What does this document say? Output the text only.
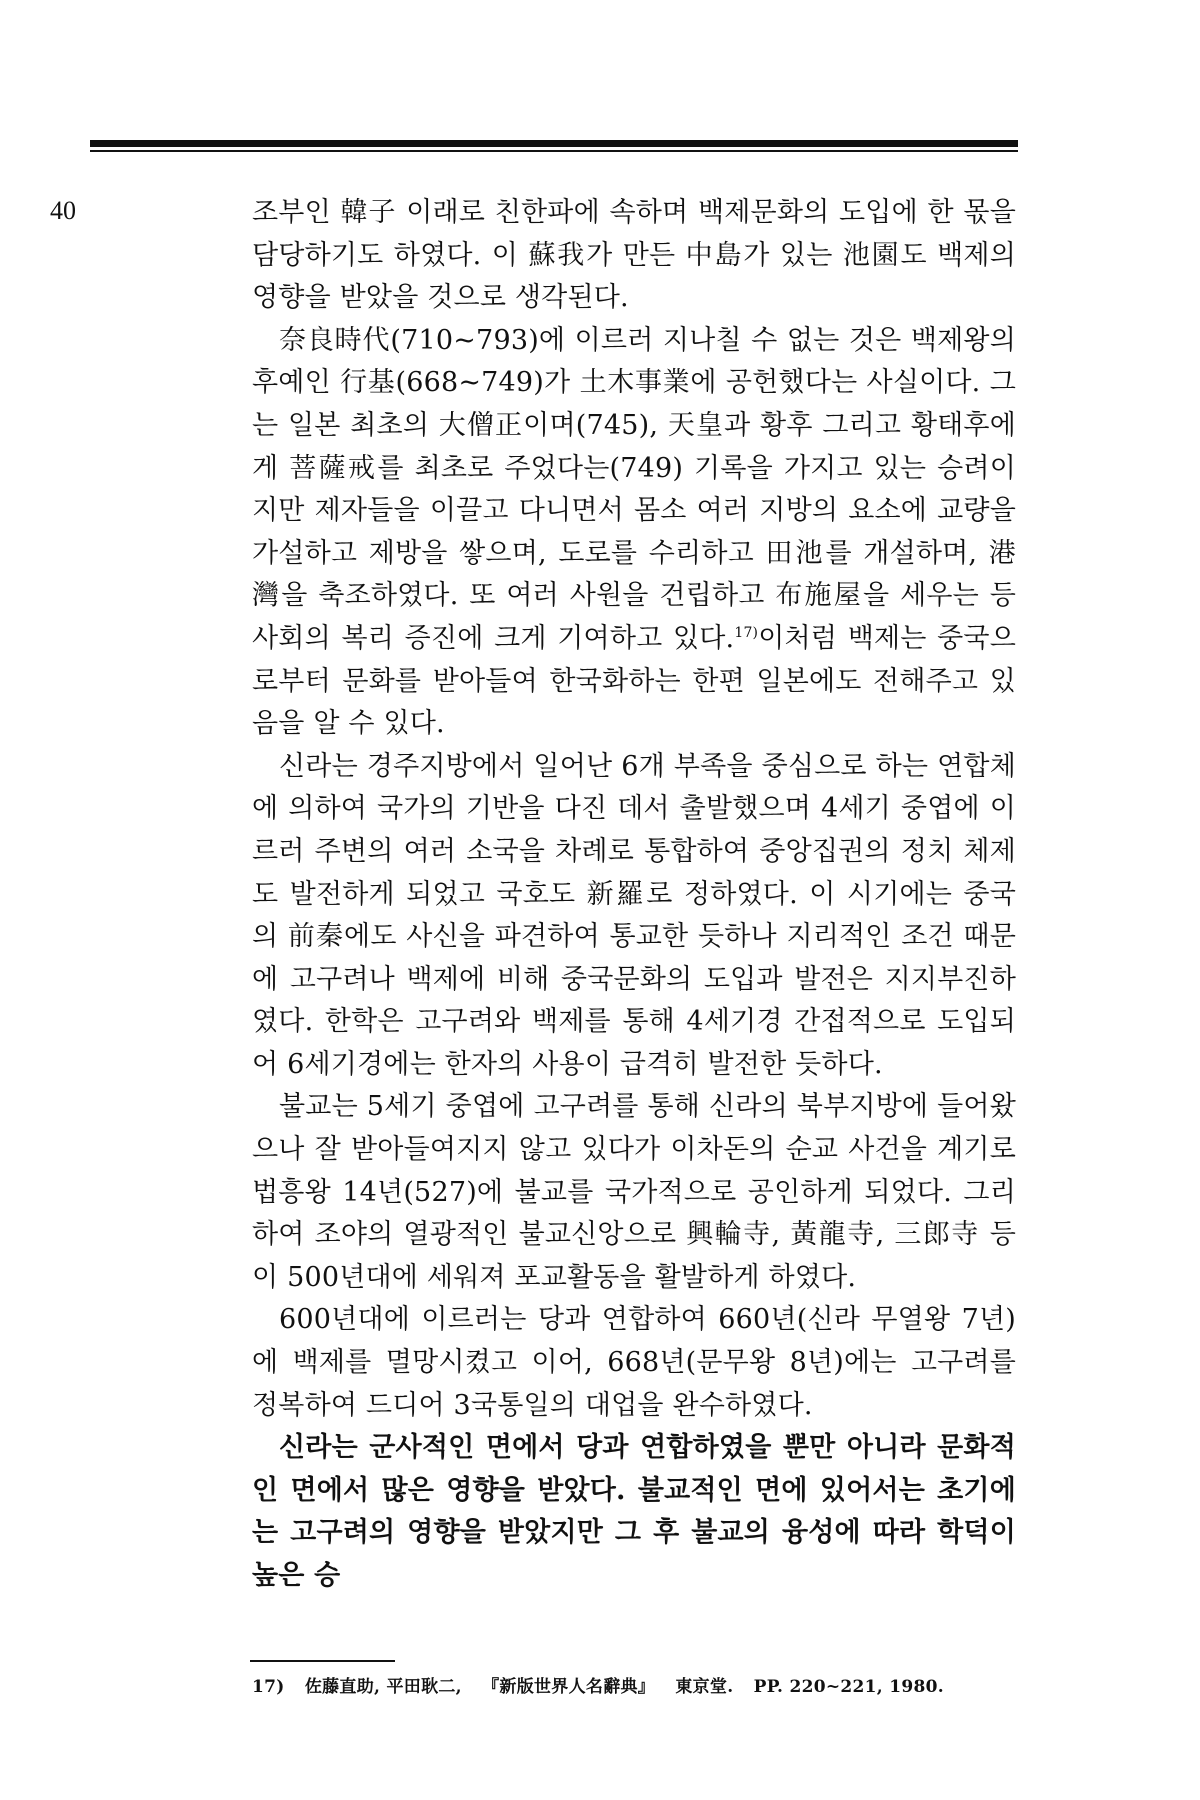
40	조부인 韓子 이래로 친한파에 속하며 백제문화의 도입에 한 몫을 담당하기도 하였다. 이 蘇我가 만든 中島가 있는 池園도 백제의 영향을 받았을 것으로 생각된다.

奈良時代(710~793)에 이르러 지나칠 수 없는 것은 백제왕의 후예인 行基(668~749)가 土木事業에 공헌했다는 사실이다. 그는 일본 최초의 大僧正이며(745), 天皇과 황후 그리고 황태후에게 菩薩戒를 최초로 주었다는(749) 기록을 가지고 있는 승려이지만 제자들을 이끌고 다니면서 몸소 여러 지방의 요소에 교량을 가설하고 제방을 쌓으며, 도로를 수리하고 田池를 개설하며, 港灣을 축조하였다. 또 여러 사원을 건립하고 布施屋을 세우는 등 사회의 복리 증진에 크게 기여하고 있다.$^{17)}$이처럼 백제는 중국으로부터 문화를 받아들여 한국화하는 한편 일본에도 전해주고 있음을 알 수 있다.

신라는 경주지방에서 일어난 6개 부족을 중심으로 하는 연합체에 의하여 국가의 기반을 다진 데서 출발했으며 4세기 중엽에 이르러 주변의 여러 소국을 차례로 통합하여 중앙집권의 정치 체제도 발전하게 되었고 국호도 新羅로 정하였다. 이 시기에는 중국의 前秦에도 사신을 파견하여 통교한 듯하나 지리적인 조건 때문에 고구려나 백제에 비해 중국문화의 도입과 발전은 지지부진하였다. 한학은 고구려와 백제를 통해 4세기경 간접적으로 도입되어 6세기경에는 한자의 사용이 급격히 발전한 듯하다.

불교는 5세기 중엽에 고구려를 통해 신라의 북부지방에 들어왔으나 잘 받아들여지지 않고 있다가 이차돈의 순교 사건을 계기로 법흥왕 14년(527)에 불교를 국가적으로 공인하게 되었다. 그리하여 조야의 열광적인 불교신앙으로 興輪寺, 黃龍寺, 三郎寺 등이 500년대에 세워져 포교활동을 활발하게 하였다.

600년대에 이르러는 당과 연합하여 660년(신라 무열왕 7년)에 백제를 멸망시켰고 이어, 668년(문무왕 8년)에는 고구려를 정복하여 드디어 3국통일의 대업을 완수하였다.

신라는 군사적인 면에서 당과 연합하였을 뿐만 아니라 문화적인 면에서 많은 영향을 받았다. 불교적인 면에 있어서는 초기에는 고구려의 영향을 받았지만 그 후 불교의 융성에 따라 학덕이 높은 승

17) 佐藤直助, 平田耿二, 『新版世界人名辭典』 東京堂. PP. 220~221, 1980.
